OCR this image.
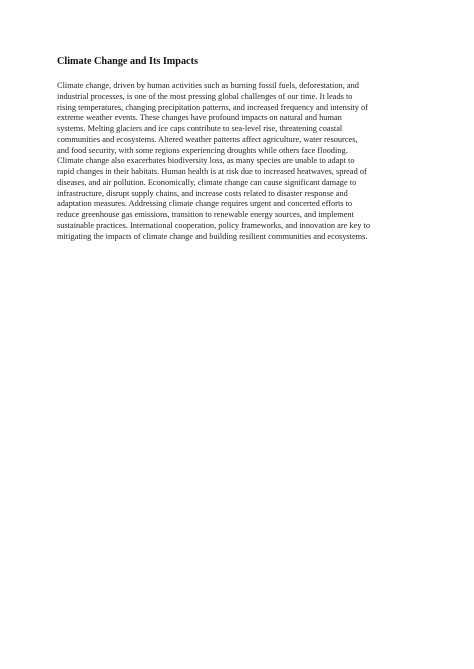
Climate Change and Its Impacts

Climate change, driven by human activities such as burning fossil fuels, deforestation, and
industrial processes, is one of the most pressing global challenges of our time. It leads to
rising temperatures, changing precipitation patterns, and increased frequency and intensity of
extreme weather events. These changes have profound impacts on natural and human
systems. Melting glaciers and ice caps contribute to sea-level rise, threatening coastal
communities and ecosystems. Altered weather patterns affect agriculture, water resources,
and food security, with some regions experiencing droughts while others face flooding.
Climate change also exacerbates biodiversity loss, as many species are unable to adapt to
rapid changes in their habitats. Human health is at risk due to increased heatwaves, spread of
diseases, and air pollution. Economically, climate change can cause significant damage to
infrastructure, disrupt supply chains, and increase costs related to disaster response and
adaptation measures. Addressing climate change requires urgent and concerted efforts to
reduce greenhouse gas emissions, transition to renewable energy sources, and implement
sustainable practices. International cooperation, policy frameworks, and innovation are key to
mitigating the impacts of climate change and building resilient communities and ecosystems.
